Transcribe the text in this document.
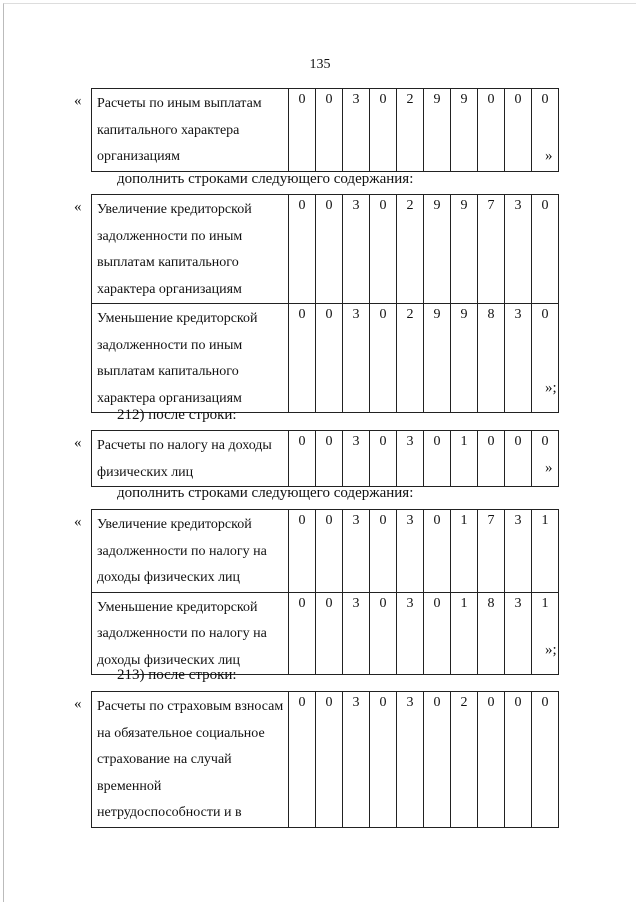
135
« Расчеты по иным выплатам капитального характера организациям	0	0	3	0	2	9	9	0	0	0
»
дополнить строками следующего содержания:
« Увеличение кредиторской задолженности по иным выплатам капитального характера организациям	0	0	3	0	2	9	9	7	3	0
Уменьшение кредиторской задолженности по иным выплатам капитального характера организациям	0	0	3	0	2	9	9	8	3	0
»;
212) после строки:
« Расчеты по налогу на доходы физических лиц	0	0	3	0	3	0	1	0	0	0
»
дополнить строками следующего содержания:
« Увеличение кредиторской задолженности по налогу на доходы физических лиц	0	0	3	0	3	0	1	7	3	1
Уменьшение кредиторской задолженности по налогу на доходы физических лиц	0	0	3	0	3	0	1	8	3	1
»;
213) после строки:
« Расчеты по страховым взносам на обязательное социальное страхование на случай временной нетрудоспособности и в	0	0	3	0	3	0	2	0	0	0
